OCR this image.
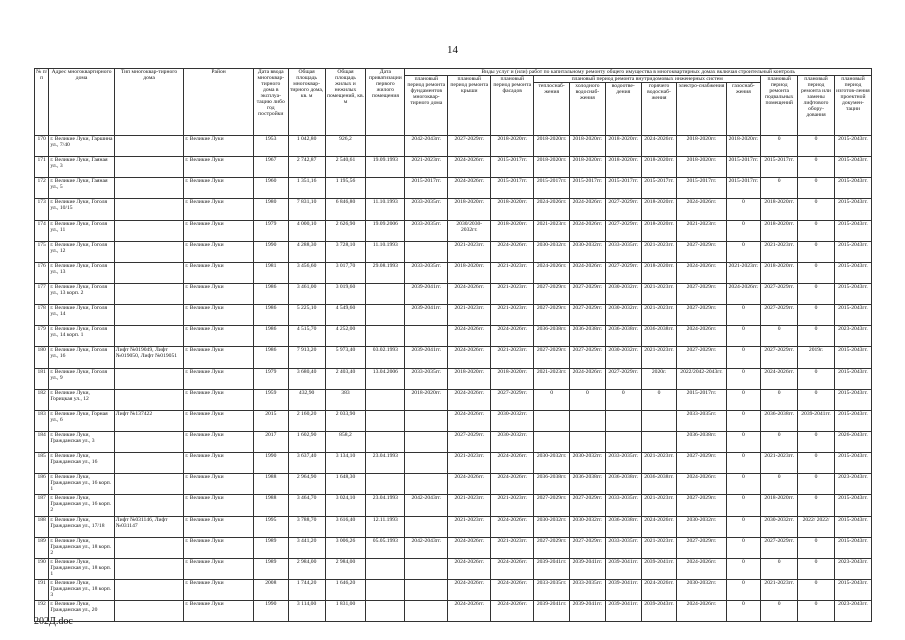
14
№ п/п	Адрес многоквартирного дома	Тип многоквар-тирного дома	Район	Дата ввода многоквар-тирного дома в эксплуа-тацию либо год постройки	Общая площадь многоквар-тирного дома, кв. м	Общая площадь жилых и нежилых помещений, кв. м	Дата приватизации первого жилого помещения	Виды услуг и (или) работ по капитальному ремонту общего имущества в многоквартирных домах включая строительный контроль											
								плановый период ремонта фундаментов многоквар-тирного дома	плановый период ремонта крыши	плановый период ремонта фасадов	плановый период ремонта внутридомовых инженерных систем						плановый период ремонта подвальных помещений	плановый период ремонта или замены лифтового обору-дования	плановый период изготов-ления проектной докумен-тации
											теплоснаб-жения	холодного водоснаб-жения	водоотве-дения	горячего водоснаб-жения	электро-снабжения	газоснаб-жения			
170	г. Великие Луки, Гаршина ул., 7/40		г. Великие Луки	1953	1 042,80	926,2		2042-2043гг.	2027-2029гг.	2018-2020гг.	2018-2020гг.	2018-2020гг.	2018-2020гг.	2024-2026гг.	2018-2020гг.	2018-2020гг.	0	0	2015-2043гг.
171	г. Великие Луки, Гаяная ул., 3		г. Великие Луки	1967	2 742,87	2 540,61	19.09.1993	2021-2023гг.	2024-2026гг.	2015-2017гг.	2018-2020гг.	2018-2020гг.	2018-2020гг.	2018-2020гг.	2018-2020гг.	2015-2017гг.	2015-2017гг.	0	2015-2043гг.
172	г. Великие Луки, Гаяная ул., 5		г. Великие Луки	1960	1 351,16	1 195,56		2015-2017гг.	2024-2026гг.	2015-2017гг.	2015-2017гг.	2015-2017гг.	2015-2017гг.	2015-2017гг.	2015-2017гг.	2015-2017гг.	0	0	2015-2043гг.
173	г. Великие Луки, Гоголя ул., 10/15		г. Великие Луки	1980	7 831,10	6 846,80	11.10.1993	2033-2035гг.	2018-2020гг.	2018-2020гг.	2024-2026гг.	2024-2026гг.	2027-2029гг.	2018-2020гг.	2024-2026гг.	0	2018-2020гг.	0	2015-2043гг.
174	г. Великие Луки, Гоголя ул., 11		г. Великие Луки	1979	4 000,10	2 626,90	19.09.2006	2033-2035гг.	2030/2030-2032гг.	2018-2020гг.	2021-2023гг.	2024-2026гг.	2027-2029гг.	2018-2020гг.	2021-2023гг.	0	2018-2020гг.	0	2015-2043гг.
175	г. Великие Луки, Гоголя ул., 12		г. Великие Луки	1990	4 288,30	3 728,10	11.10.1993		2021-2023гг.	2024-2026гг.	2030-2032гг.	2030-2032гг.	2033-2035гг.	2021-2023гг.	2027-2029гг.	0	2021-2023гг.	0	2015-2043гг.
176	г. Великие Луки, Гоголя ул., 13		г. Великие Луки	1981	3 456,60	3 017,70	29.08.1993	2033-2035гг.	2018-2020гг.	2021-2023гг.	2024-2026гг.	2024-2026гг.	2027-2029гг.	2018-2020гг.	2024-2026гг.	2021-2023гг.	2018-2020гг.	0	2015-2043гг.
177	г. Великие Луки, Гоголя ул., 13 корп. 2		г. Великие Луки	1986	3 461,00	3 019,60		2039-2041гг.	2024-2026гг.	2021-2023гг.	2027-2029гг.	2027-2029гг.	2030-2032гг.	2021-2023гг.	2027-2029гг.	2024-2026гг.	2027-2029гг.	0	2015-2043гг.
178	г. Великие Луки, Гоголя ул., 14		г. Великие Луки	1986	5 225,10	4 549,60		2039-2041гг.	2021-2023гг.	2021-2023гг.	2027-2029гг.	2027-2029гг.	2030-2032гг.	2021-2023гг.	2027-2029гг.	0	2027-2029гг.	0	2015-2043гг.
179	г. Великие Луки, Гоголя ул., 14 корп. 1		г. Великие Луки	1986	4 515,70	4 252,00			2024-2026гг.	2024-2026гг.	2036-2038гг.	2036-2038гг.	2036-2038гг.	2036-2038гг.	2024-2026гг.	0	0	0	2023-2043гг.
180	г. Великие Луки, Гоголя ул., 16	Лифт №019049, Лифт №019050, Лифт №019051	г. Великие Луки	1986	7 913,20	5 973,40	03.02.1993	2039-2041гг.	2024-2026гг.	2021-2023гг.	2027-2029гг.	2027-2029гг.	2030-2032гг.	2021-2023гг.	2027-2029гг.	0	2027-2029гг.	2019г.	2015-2043гг.
181	г. Великие Луки, Гоголя ул., 9		г. Великие Луки	1979	3 680,40	2 403,40	13.04.2006	2033-2035гг.	2018-2020гг.	2018-2020гг.	2021-2023гг.	2024-2026гг.	2027-2029гг.	2020г.	2022/2042-2043гг.	0	2024-2026гг.	0	2015-2043гг.
182	г. Великие Луки, Горицкая ул., 12		г. Великие Луки	1959	432,90	383		2018-2020гг.	2024-2026гг.	2027-2029гг.	0	0	0	0	2015-2017гг.	0	0	0	2015-2043гг.
183	г. Великие Луки, Горная ул., 6	Лифт №137422	г. Великие Луки	2015	2 160,20	2 033,90			2024-2026гг.	2030-2032гг.					2033-2035гг.	0	2036-2038гг.	2039-2041гг.	2015-2043гг.
184	г. Великие Луки, Гражданская ул., 3		г. Великие Луки	2017	1 602,90	858,2			2027-2029гг.	2030-2032гг.					2036-2038гг.	0	0	0	2026-2043гг.
185	г. Великие Луки, Гражданская ул., 16		г. Великие Луки	1990	3 637,40	3 134,10	23.04.1993		2021-2023гг.	2024-2026гг.	2030-2032гг.	2030-2032гг.	2033-2035гг.	2021-2023гг.	2027-2029гг.	0	2021-2023гг.	0	2015-2043гг.
186	г. Великие Луки, Гражданская ул., 16 корп. 1		г. Великие Луки	1988	2 964,90	1 648,30			2024-2026гг.	2024-2026гг.	2036-2038гг.	2036-2038гг.	2036-2038гг.	2036-2038гг.	2024-2026гг.	0	0	0	2023-2043гг.
187	г. Великие Луки, Гражданская ул., 16 корп. 2		г. Великие Луки	1988	3 464,70	3 024,10	23.04.1993	2042-2043гг.	2021-2023гг.	2021-2023гг.	2027-2029гг.	2027-2029гг.	2033-2035гг.	2021-2023гг.	2027-2029гг.	0	2018-2020гг.	0	2015-2043гг.
188	г. Великие Луки, Гражданская ул., 17/18	Лифт №031146, Лифт №031147	г. Великие Луки	1995	3 788,70	3 616,40	12.11.1993		2021-2023гг.	2024-2026гг.	2030-2032гг.	2030-2032гг.	2036-2038гг.	2024-2026гг.	2030-2032гг.	0	2030-2032гг.	2022/ 2022/	2015-2043гг.
189	г. Великие Луки, Гражданская ул., 18 корп. 2		г. Великие Луки	1989	3 441,20	3 006,26	05.05.1993	2042-2043гг.	2024-2026гг.	2021-2023гг.	2027-2029гг.	2027-2029гг.	2033-2035гг.	2021-2023гг.	2027-2029гг.	0	2027-2029гг.	0	2015-2043гг.
190	г. Великие Луки, Гражданская ул., 18 корп. 1		г. Великие Луки	1989	2 984,00	2 984,00			2024-2026гг.	2024-2026гг.	2039-2041гг.	2039-2041гг.	2039-2041гг.	2039-2041гг.	2024-2026гг.	0	0	0	2023-2043гг.
191	г. Великие Луки, Гражданская ул., 18 корп. 3		г. Великие Луки	2008	1 744,20	1 646,20			2024-2026гг.	2024-2026гг.	2033-2035гг.	2033-2035гг.	2039-2041гг.	2024-2026гг.	2030-2032гг.	0	2021-2023гг.	0	2015-2043гг.
192	г. Великие Луки, Гражданская ул., 20		г. Великие Луки	1990	3 114,00	1 831,00			2024-2026гг.	2024-2026гг.	2039-2041гг.	2039-2041гг.	2039-2041гг.	2039-2043гг.	2024-2026гг.	0	0	0	2023-2043гг.
202Д.doc
